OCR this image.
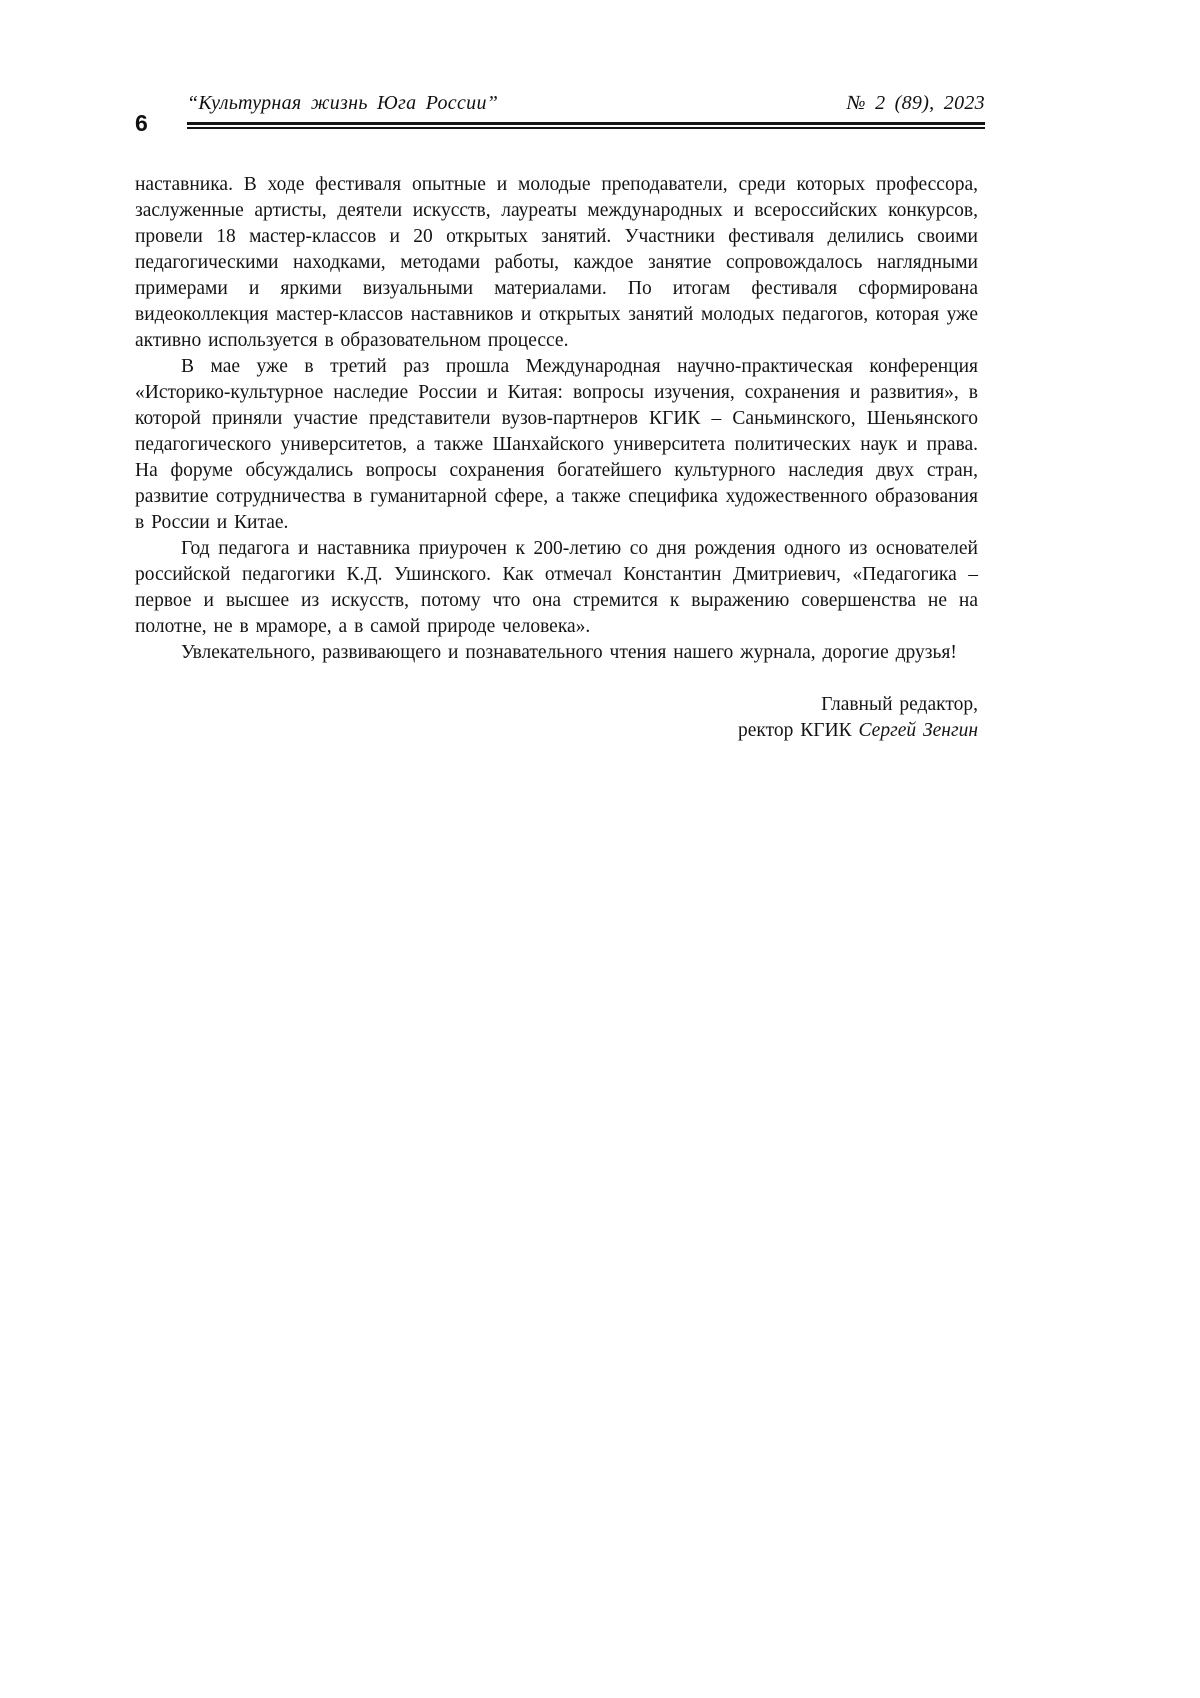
6
“Культурная жизнь Юга России”	№ 2 (89), 2023

наставника. В ходе фестиваля опытные и молодые преподаватели, среди которых профессора, заслуженные артисты, деятели искусств, лауреаты международных и всероссийских конкурсов, провели 18 мастер-классов и 20 открытых занятий. Участники фестиваля делились своими педагогическими находками, методами работы, каждое занятие сопровождалось наглядными примерами и яркими визуальными материалами. По итогам фестиваля сформирована видеоколлекция мастер-классов наставников и открытых занятий молодых педагогов, которая уже активно используется в образовательном процессе.

В мае уже в третий раз прошла Международная научно-практическая конференция «Историко-культурное наследие России и Китая: вопросы изучения, сохранения и развития», в которой приняли участие представители вузов-партнеров КГИК – Саньминского, Шеньянского педагогического университетов, а также Шанхайского университета политических наук и права. На форуме обсуждались вопросы сохранения богатейшего культурного наследия двух стран, развитие сотрудничества в гуманитарной сфере, а также специфика художественного образования в России и Китае.

Год педагога и наставника приурочен к 200-летию со дня рождения одного из основателей российской педагогики К.Д. Ушинского. Как отмечал Константин Дмитриевич, «Педагогика – первое и высшее из искусств, потому что она стремится к выражению совершенства не на полотне, не в мраморе, а в самой природе человека».

Увлекательного, развивающего и познавательного чтения нашего журнала, дорогие друзья!

Главный редактор,
ректор КГИК Сергей Зенгин
